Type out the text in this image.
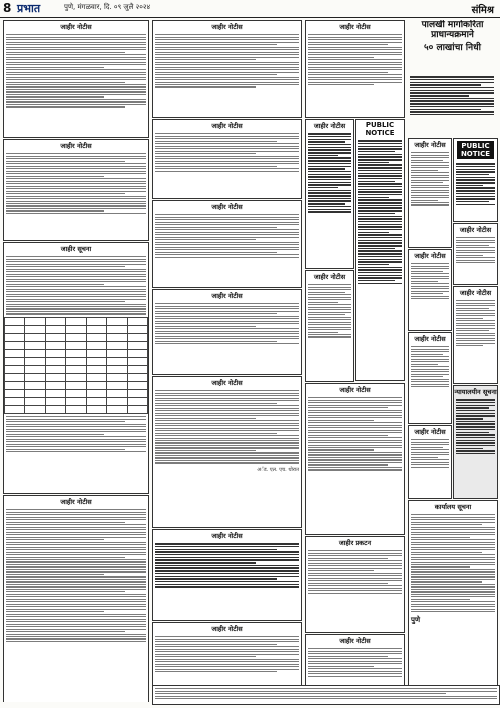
8 प्रभात	पुणे, मंगळवार, दि. ०९ जुलै २०२४	संमिश्र
जाहीर नोटीस
जाहीर नोटीस
जाहीर सूचना

जाहीर नोटीस
जाहीर नोटीस
जाहीर नोटीस
जाहीर नोटीस
जाहीर नोटीस
जाहीर नोटीस
अॅड. एल. एच. थोरात
जाहीर नोटीस
जाहीर नोटीस
जाहीर नोटीस
जाहीर नोटीस	PUBLIC NOTICE
जाहीर नोटीस
जाहीर नोटीस
जाहीर प्रकटन
जाहीर नोटीस
पालखी मार्गाकरिता
प्राधान्यक्रमाने
५० लाखांचा निधी
जाहीर नोटीस	PUBLIC NOTICE
जाहीर नोटीस
जाहीर नोटीस
जाहीर नोटीस
जाहीर नोटीस
न्यायालयीन सूचना
जाहीर नोटीस
कार्यालय सूचना
पुणे
